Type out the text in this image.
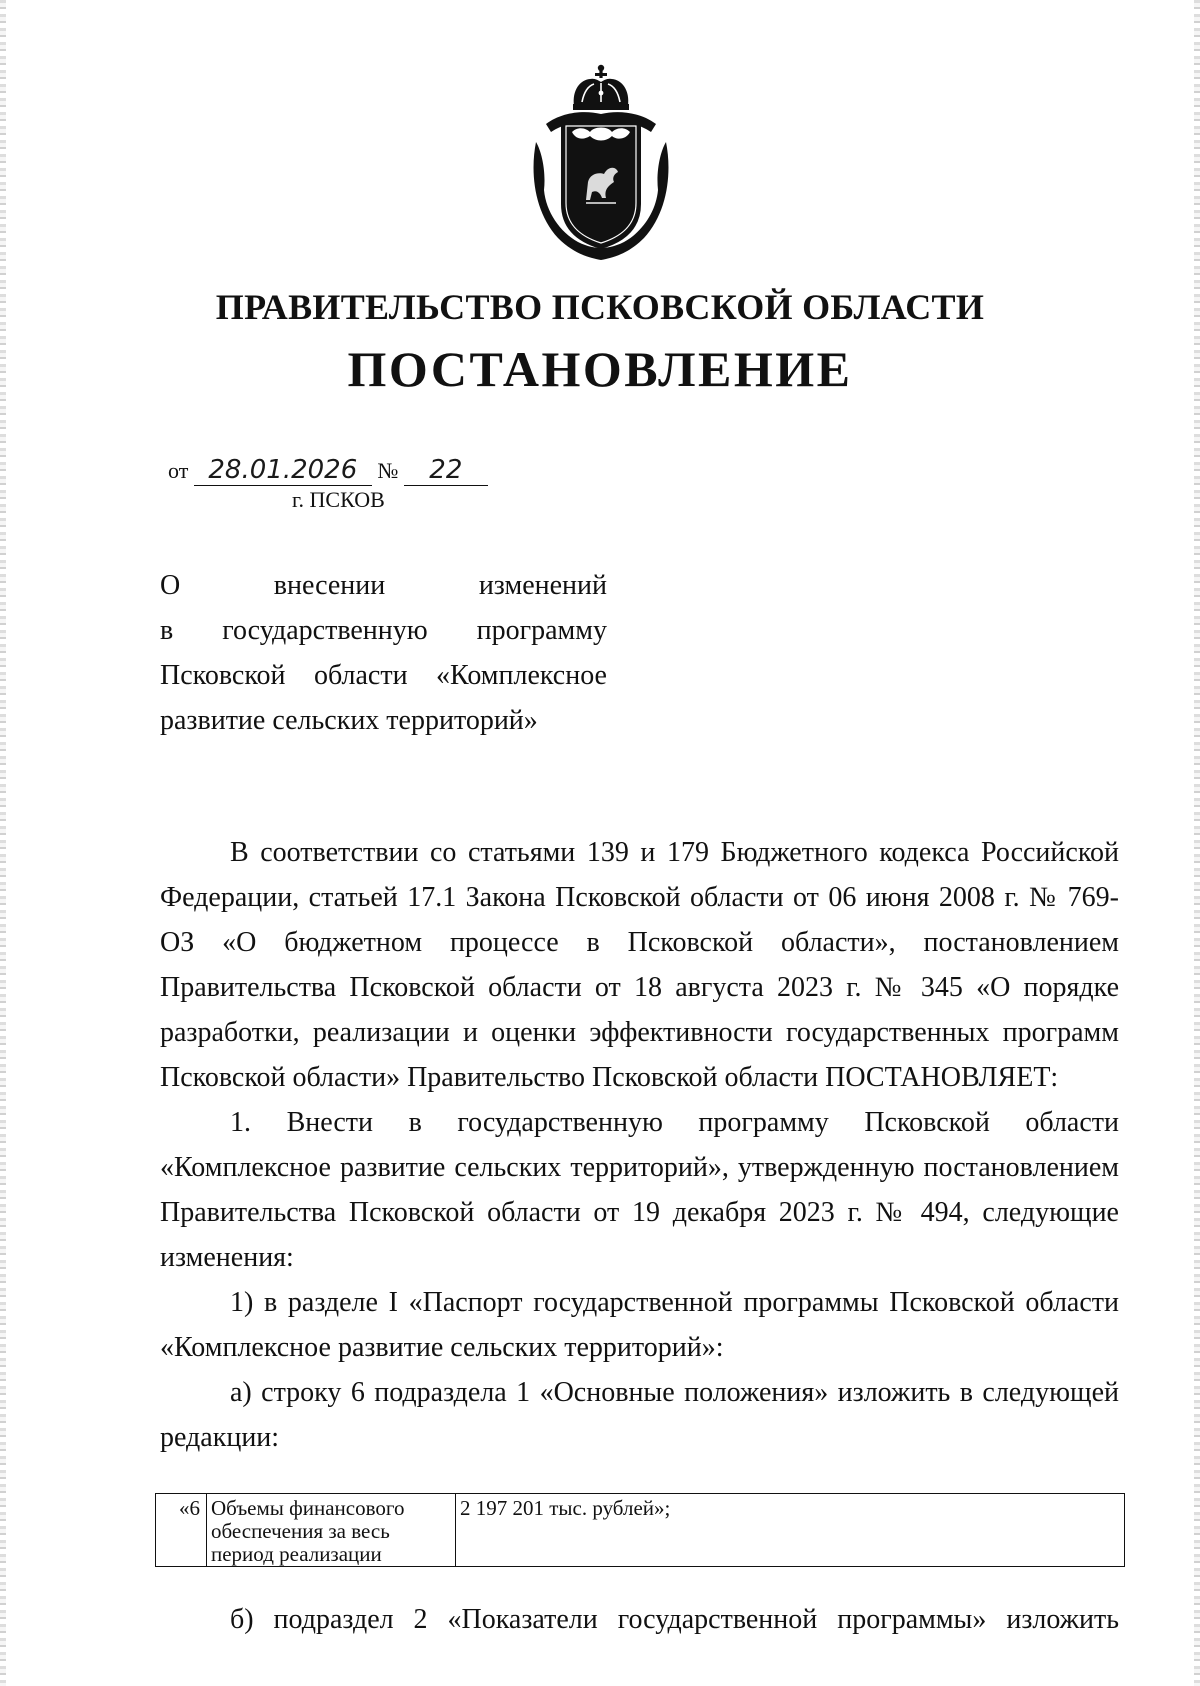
ПРАВИТЕЛЬСТВО ПСКОВСКОЙ ОБЛАСТИ
ПОСТАНОВЛЕНИЕ
от 28.01.2026 № 22
г. ПСКОВ
О внесении изменений
в государственную программу
Псковской области «Комплексное
развитие сельских территорий»

В соответствии со статьями 139 и 179 Бюджетного кодекса Российской Федерации, статьей 17.1 Закона Псковской области от 06 июня 2008 г. № 769-ОЗ «О бюджетном процессе в Псковской области», постановлением Правительства Псковской области от 18 августа 2023 г. № 345 «О порядке разработки, реализации и оценки эффективности государственных программ Псковской области» Правительство Псковской области ПОСТАНОВЛЯЕТ:

1. Внести в государственную программу Псковской области «Комплексное развитие сельских территорий», утвержденную постановлением Правительства Псковской области от 19 декабря 2023 г. № 494, следующие изменения:

1) в разделе I «Паспорт государственной программы Псковской области «Комплексное развитие сельских территорий»:

а) строку 6 подраздела 1 «Основные положения» изложить в следующей редакции:

«6	Объемы финансового обеспечения за весь период реализации	2 197 201 тыс. рублей»;

б) подраздел 2 «Показатели государственной программы» изложить
